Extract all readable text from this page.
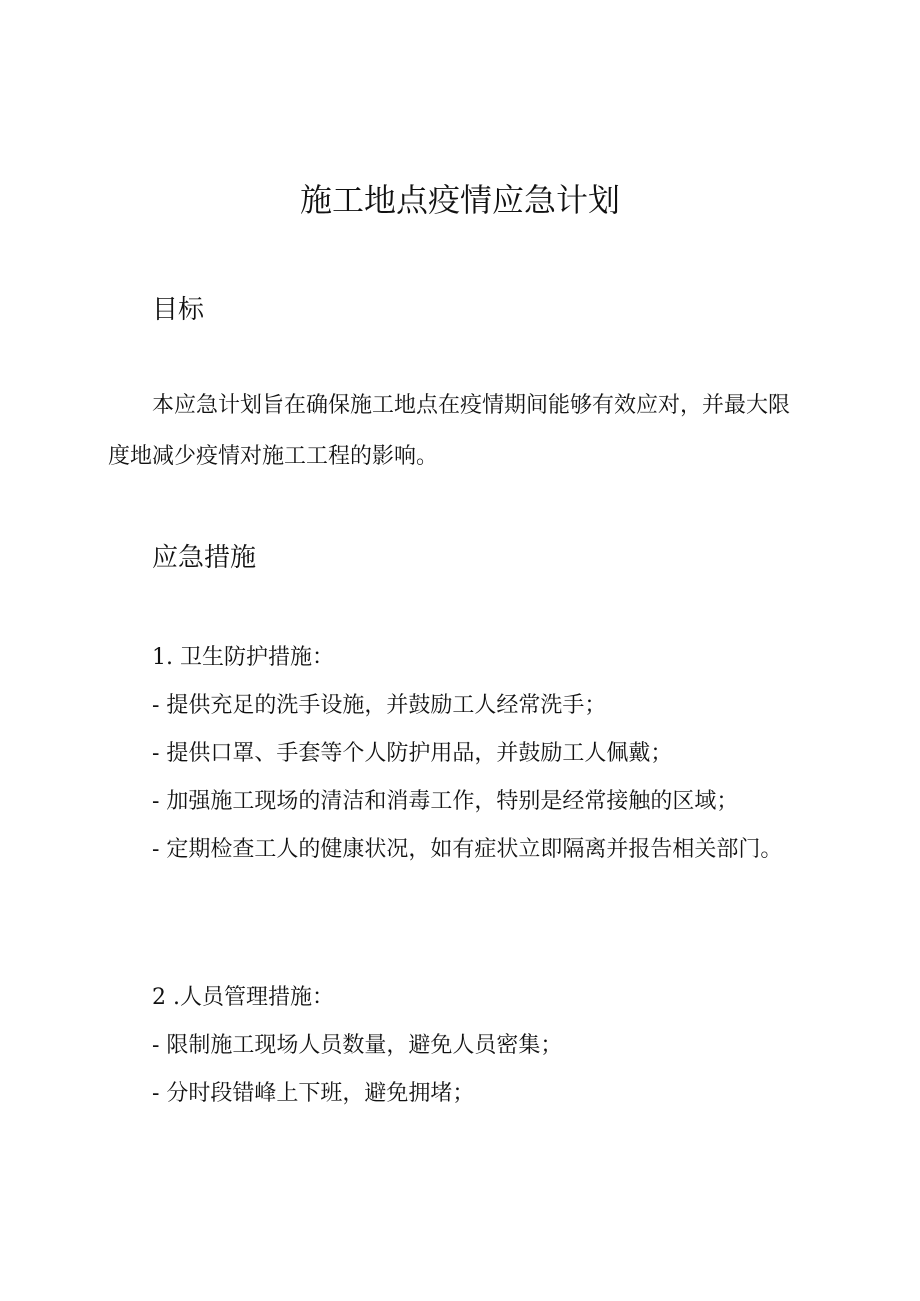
施工地点疫情应急计划
目标

本应急计划旨在确保施工地点在疫情期间能够有效应对，并最大限度地减少疫情对施工工程的影响。

应急措施

1. 卫生防护措施：

- 提供充足的洗手设施，并鼓励工人经常洗手；

- 提供口罩、手套等个人防护用品，并鼓励工人佩戴；

- 加强施工现场的清洁和消毒工作，特别是经常接触的区域；

- 定期检查工人的健康状况，如有症状立即隔离并报告相关部门。

2 .人员管理措施：

- 限制施工现场人员数量，避免人员密集；

- 分时段错峰上下班，避免拥堵；
